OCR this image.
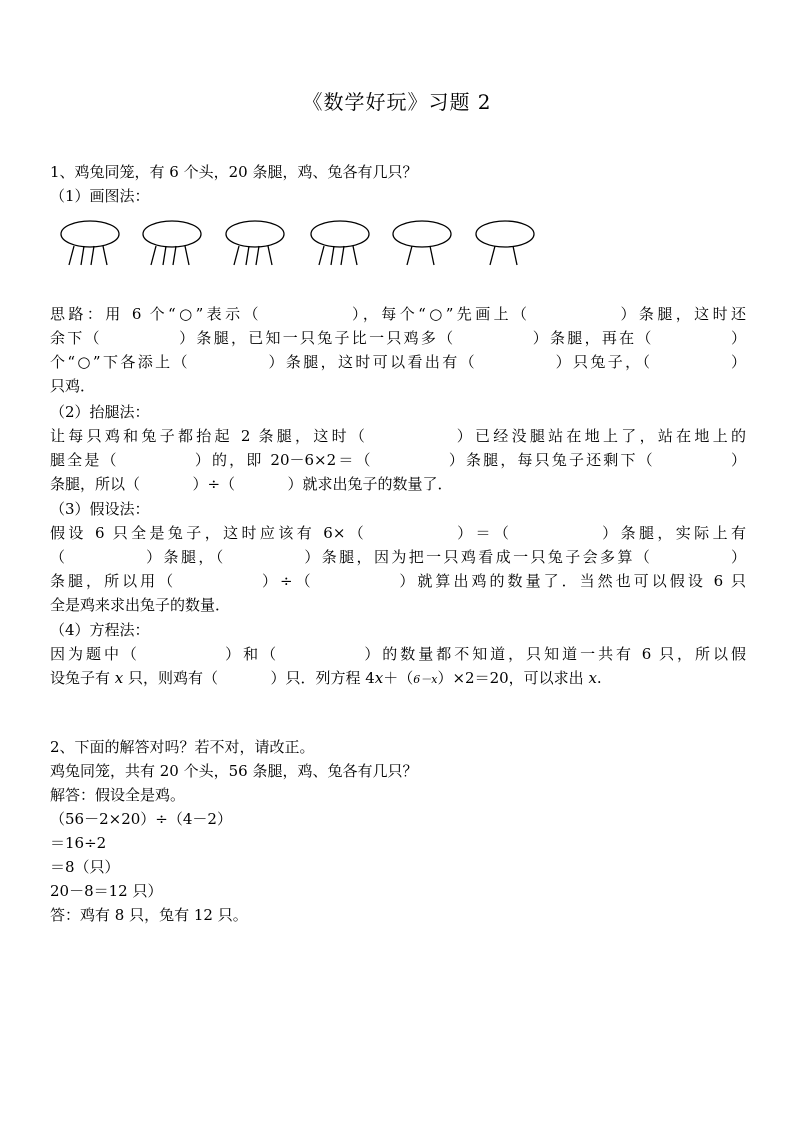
《数学好玩》习题 2
1、鸡兔同笼，有 6 个头，20 条腿，鸡、兔各有几只？
（1）画图法：
思路：用 6 个“○”表示（           ），每个“○”先画上（           ）条腿，这时还
余下（           ）条腿，已知一只兔子比一只鸡多（           ）条腿，再在（           ）
个“○”下各添上（           ）条腿，这时可以看出有（           ）只兔子，（           ）
只鸡．
（2）抬腿法：
让每只鸡和兔子都抬起 2 条腿，这时（           ）已经没腿站在地上了，站在地上的
腿全是（           ）的，即 20－6×2＝（           ）条腿，每只兔子还剩下（           ）
条腿，所以（           ）÷（           ）就求出兔子的数量了．
（3）假设法：
假设 6 只全是兔子，这时应该有 6×（           ）＝（           ）条腿，实际上有
（           ）条腿，（           ）条腿，因为把一只鸡看成一只兔子会多算（           ）
条腿，所以用（           ）÷（           ）就算出鸡的数量了．当然也可以假设 6 只
全是鸡来求出兔子的数量．
（4）方程法：
因为题中（           ）和（           ）的数量都不知道，只知道一共有 6 只，所以假
设兔子有 x 只，则鸡有（           ）只．列方程 4x＋（6－x）×2＝20，可以求出 x.
2、下面的解答对吗？若不对，请改正。
鸡兔同笼，共有 20 个头，56 条腿，鸡、兔各有几只？
解答：假设全是鸡。
（56－2×20）÷（4－2）
＝16÷2
＝8（只）
20－8＝12 只）
答：鸡有 8 只，兔有 12 只。
